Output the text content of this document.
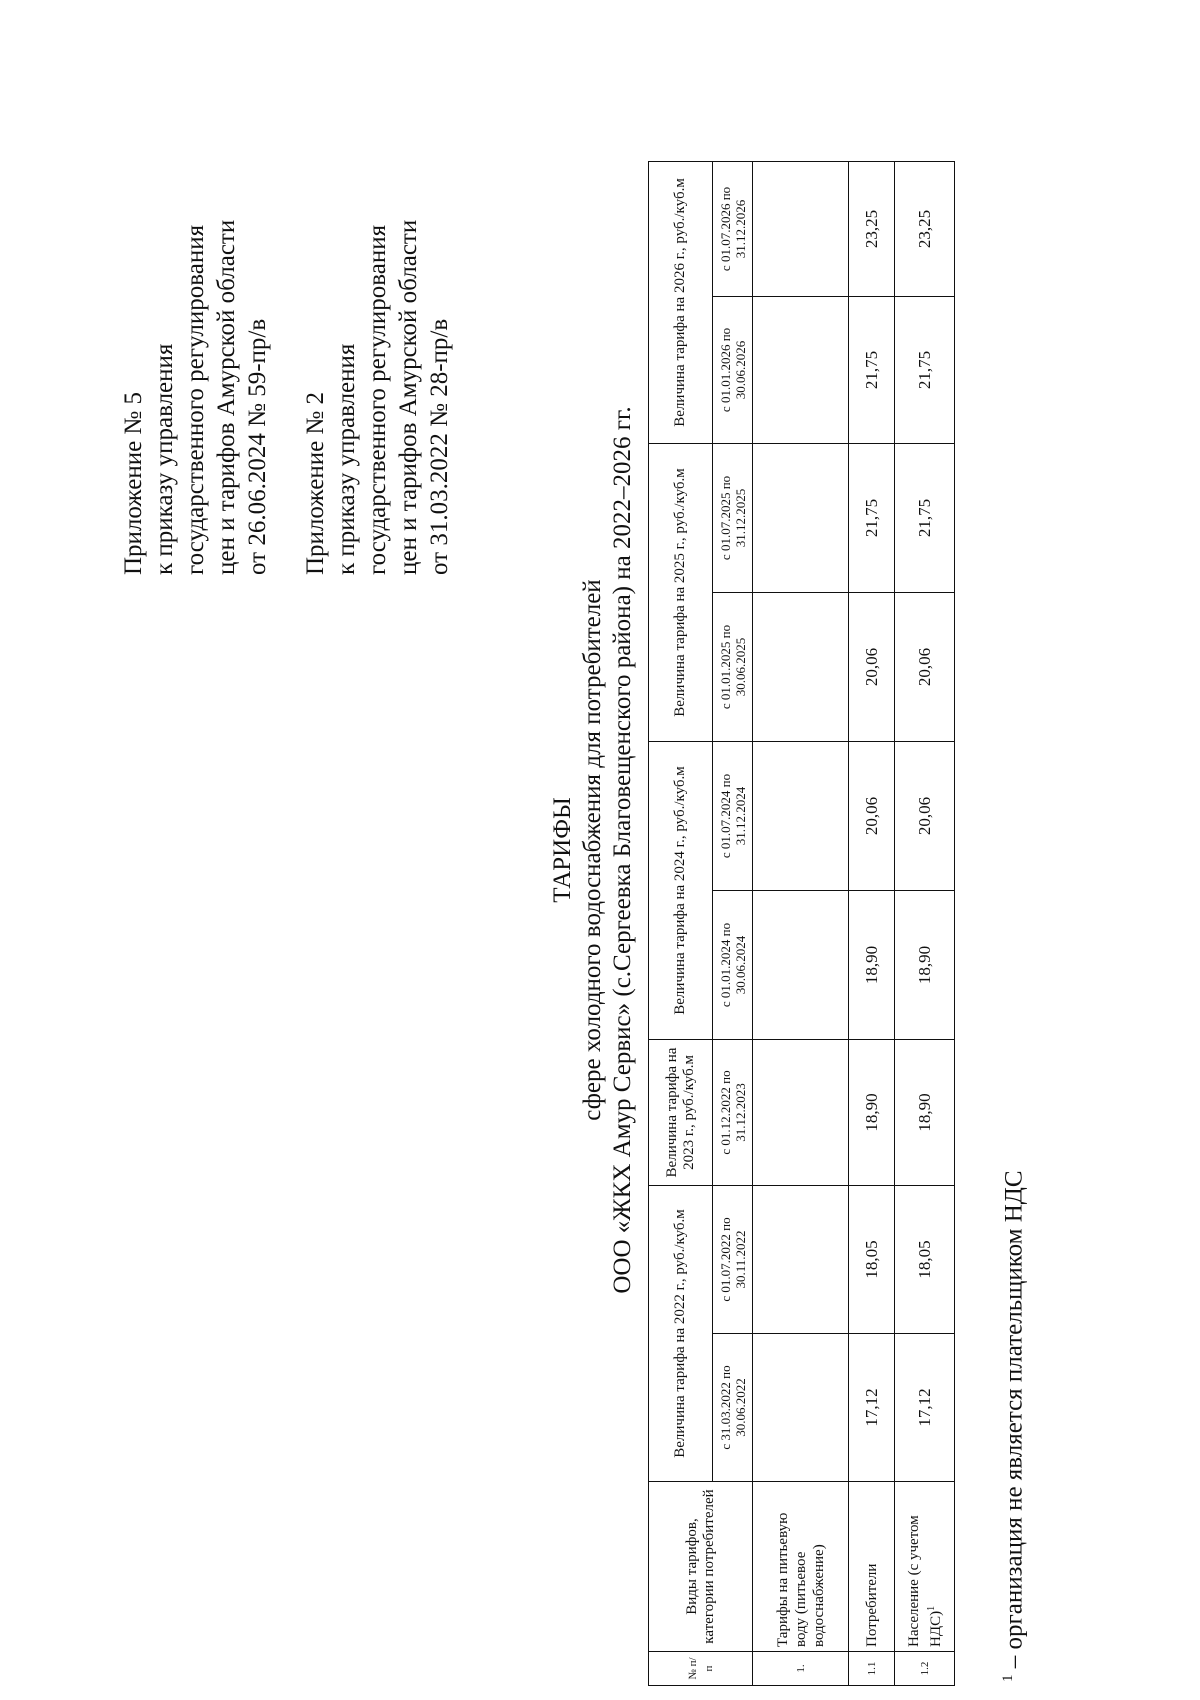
Приложение № 5 к приказу управления государственного регулирования цен и тарифов Амурской области от 26.06.2024 № 59-пр/в Приложение № 2 к приказу управления государственного регулирования цен и тарифов Амурской области от 31.03.2022 № 28-пр/в
ТАРИФЫ сфере холодного водоснабжения для потребителей ООО «ЖКХ Амур Сервис» (с.Сергеевка Благовещенского района) на 2022–2026 гг.
№ п/п	Виды тарифов, категории потребителей	Величина тарифа на 2022 г., руб./куб.м		Величина тарифа на 2023 г., руб./куб.м	Величина тарифа на 2024 г., руб./куб.м		Величина тарифа на 2025 г., руб./куб.м		Величина тарифа на 2026 г., руб./куб.м	
		с 31.03.2022 по 30.06.2022	с 01.07.2022 по 30.11.2022	с 01.12.2022 по 31.12.2023	с 01.01.2024 по 30.06.2024	с 01.07.2024 по 31.12.2024	с 01.01.2025 по 30.06.2025	с 01.07.2025 по 31.12.2025	с 01.01.2026 по 30.06.2026	с 01.07.2026 по 31.12.2026
1.	Тарифы на питьевую воду (питьевое водоснабжение)									
1.1	Потребители	17,12	18,05	18,90	18,90	20,06	20,06	21,75	21,75	23,25
1.2	Население (с учетом НДС)$^1$	17,12	18,05	18,90	18,90	20,06	20,06	21,75	21,75	23,25
$^1$ – организация не является плательщиком НДС
